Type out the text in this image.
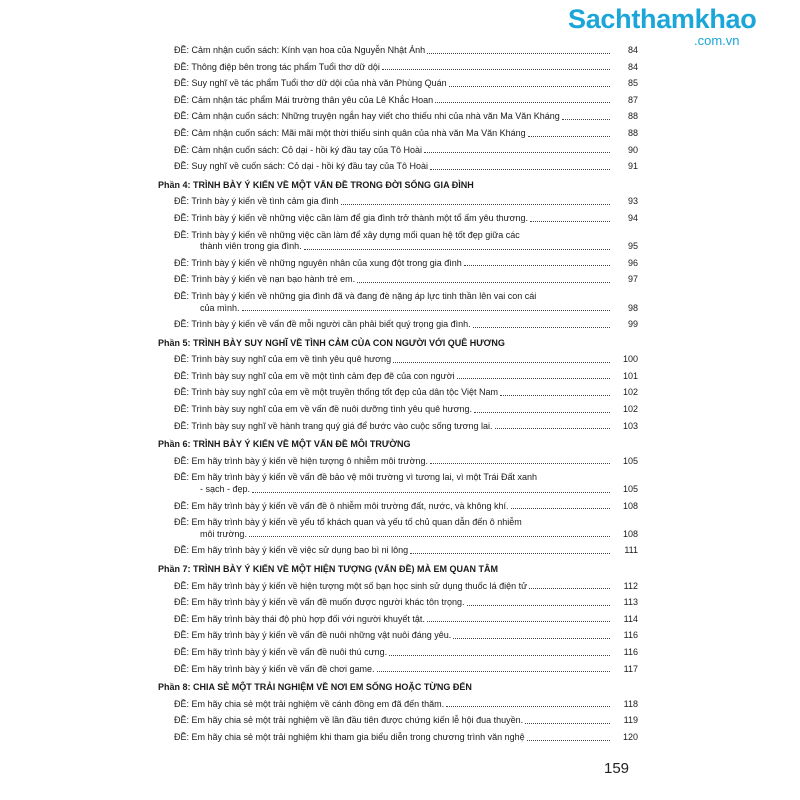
Sachthamkhao
.com.vn
ĐỀ: Cảm nhận cuốn sách: Kính vạn hoa của Nguyễn Nhật Ánh	84
ĐỀ: Thông điệp bên trong tác phẩm Tuổi thơ dữ dội	84
ĐỀ: Suy nghĩ về tác phẩm Tuổi thơ dữ dội của nhà văn Phùng Quán	85
ĐỀ: Cảm nhận tác phẩm Mái trường thân yêu của Lê Khắc Hoan	87
ĐỀ: Cảm nhận cuốn sách: Những truyện ngắn hay viết cho thiếu nhi của nhà văn Ma Văn Kháng	88
ĐỀ: Cảm nhận cuốn sách: Mãi mãi một thời thiếu sinh quân của nhà văn Ma Văn Kháng	88
ĐỀ: Cảm nhận cuốn sách: Cỏ dại - hồi ký đầu tay của Tô Hoài	90
ĐỀ: Suy nghĩ về cuốn sách: Cỏ dại - hồi ký đầu tay của Tô Hoài	91
Phần 4: TRÌNH BÀY Ý KIẾN VỀ MỘT VẤN ĐỀ TRONG ĐỜI SỐNG GIA ĐÌNH
ĐỀ: Trình bày ý kiến về tình cảm gia đình	93
ĐỀ: Trình bày ý kiến về những việc cần làm để gia đình trở thành một tổ ấm yêu thương.	94
ĐỀ: Trình bày ý kiến về những việc cần làm để xây dựng mối quan hệ tốt đẹp giữa các
thành viên trong gia đình.	95
ĐỀ: Trình bày ý kiến về những nguyên nhân của xung đột trong gia đình	96
ĐỀ: Trình bày ý kiến về nạn bạo hành trẻ em.	97
ĐỀ: Trình bày ý kiến về những gia đình đã và đang đè nặng áp lực tinh thần lên vai con cái
của mình.	98
ĐỀ: Trình bày ý kiến về vấn đề mỗi người cần phải biết quý trọng gia đình.	99
Phần 5: TRÌNH BÀY SUY NGHĨ VỀ TÌNH CẢM CỦA CON NGƯỜI VỚI QUÊ HƯƠNG
ĐỀ: Trình bày suy nghĩ của em về tình yêu quê hương	100
ĐỀ: Trình bày suy nghĩ của em về một tình cảm đẹp đẽ của con người	101
ĐỀ: Trình bày suy nghĩ của em về một truyền thống tốt đẹp của dân tộc Việt Nam	102
ĐỀ: Trình bày suy nghĩ của em về vấn đề nuôi dưỡng tình yêu quê hương.	102
ĐỀ: Trình bày suy nghĩ về hành trang quý giá để bước vào cuộc sống tương lai.	103
Phần 6: TRÌNH BÀY Ý KIẾN VỀ MỘT VẤN ĐỀ MÔI TRƯỜNG
ĐỀ: Em hãy trình bày ý kiến về hiện tượng ô nhiễm môi trường.	105
ĐỀ: Em hãy trình bày ý kiến về vấn đề bảo vệ môi trường vì tương lai, vì một Trái Đất xanh
- sạch - đẹp.	105
ĐỀ: Em hãy trình bày ý kiến về vấn đề ô nhiễm môi trường đất, nước, và không khí.	108
ĐỀ: Em hãy trình bày ý kiến về yếu tố khách quan và yếu tố chủ quan dẫn đến ô nhiễm
môi trường.	108
ĐỀ: Em hãy trình bày ý kiến về việc sử dụng bao bì ni lông	111
Phần 7: TRÌNH BÀY Ý KIẾN VỀ MỘT HIỆN TƯỢNG (VẤN ĐỀ) MÀ EM QUAN TÂM
ĐỀ: Em hãy trình bày ý kiến về hiện tượng một số bạn học sinh sử dụng thuốc lá điện tử	112
ĐỀ: Em hãy trình bày ý kiến về vấn đề muốn được người khác tôn trọng.	113
ĐỀ: Em hãy trình bày thái độ phù hợp đối với người khuyết tật.	114
ĐỀ: Em hãy trình bày ý kiến về vấn đề nuôi những vật nuôi đáng yêu.	116
ĐỀ: Em hãy trình bày ý kiến về vấn đề nuôi thú cưng.	116
ĐỀ: Em hãy trình bày ý kiến về vấn đề chơi game.	117
Phần 8: CHIA SẺ MỘT TRẢI NGHIỆM VỀ NƠI EM SỐNG HOẶC TỪNG ĐẾN
ĐỀ: Em hãy chia sẻ một trải nghiệm về cánh đồng em đã đến thăm.	118
ĐỀ: Em hãy chia sẻ một trải nghiệm về lần đầu tiên được chứng kiến lễ hội đua thuyền.	119
ĐỀ: Em hãy chia sẻ một trải nghiệm khi tham gia biểu diễn trong chương trình văn nghệ	120
159
